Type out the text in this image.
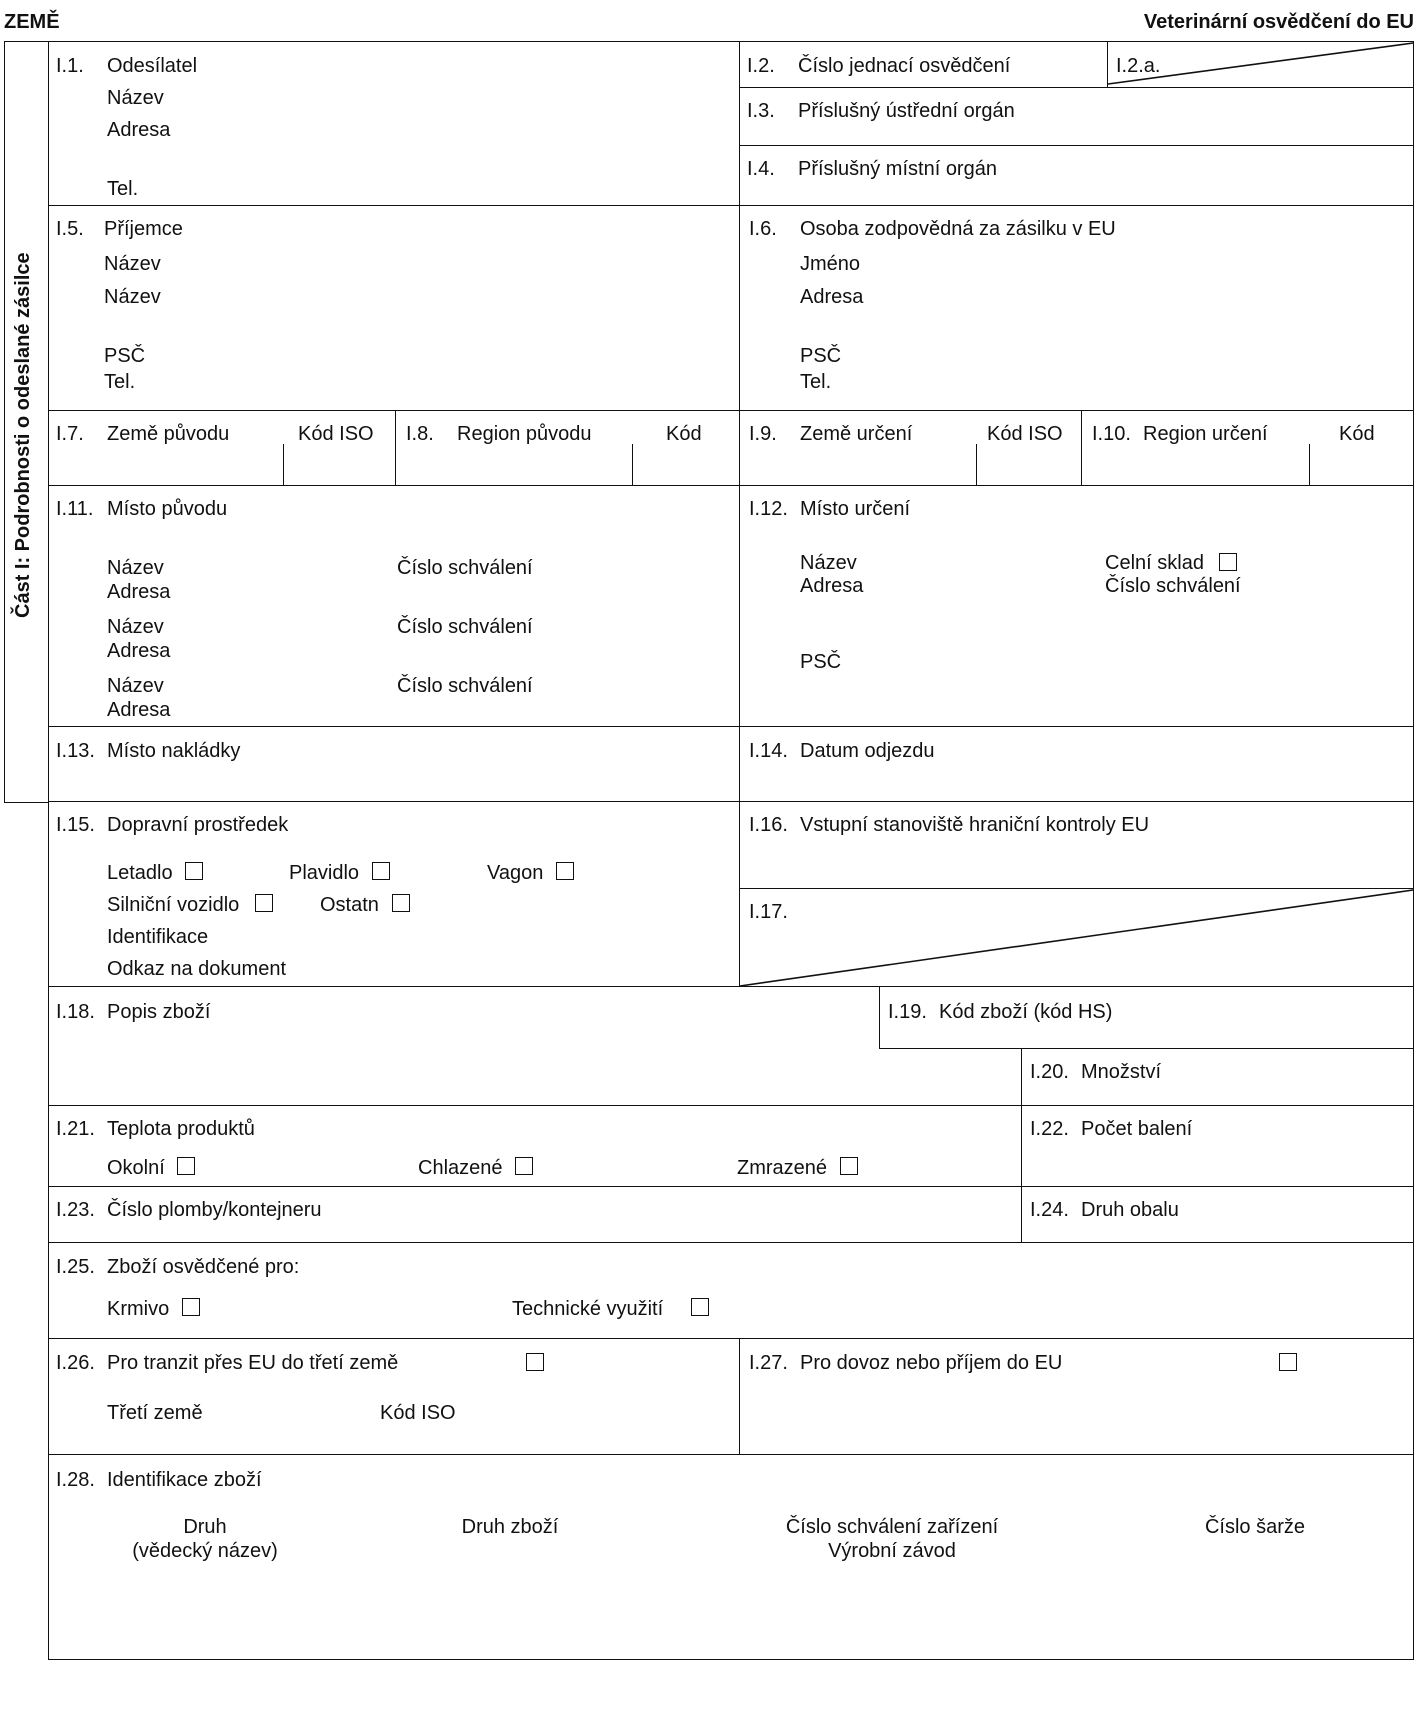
ZEMĚ	Veterinární osvědčení do EU
Část I: Podrobnosti o odeslané zásilce
I.1. Odesílatel
Název
Adresa
Tel.
I.2. Číslo jednací osvědčení	I.2.a.
I.3. Příslušný ústřední orgán
I.4. Příslušný místní orgán
I.5. Příjemce
Název
Název
PSČ
Tel.
I.6. Osoba zodpovědná za zásilku v EU
Jméno
Adresa
PSČ
Tel.
I.7. Země původu	Kód ISO I.8. Region původu	Kód I.9. Země určení	Kód ISO I.10. Region určení	Kód
I.11. Místo původu
Název
Adresa
Číslo schválení
Název
Adresa
Číslo schválení
Název
Adresa
Číslo schválení
I.12. Místo určení
Název
Adresa
Celní sklad
Číslo schválení
PSČ
I.13. Místo nakládky	I.14. Datum odjezdu
I.15. Dopravní prostředek
Letadlo	Plavidlo	Vagon
Silniční vozidlo	Ostatn
Identifikace
Odkaz na dokument
I.16. Vstupní stanoviště hraniční kontroly EU
I.17.
I.18. Popis zboží	I.19. Kód zboží (kód HS)
I.20. Množství
I.21. Teplota produktů
Okolní	Chlazené	Zmrazené
I.22. Počet balení
I.23. Číslo plomby/kontejneru	I.24. Druh obalu
I.25. Zboží osvědčené pro:
Krmivo	Technické využití
I.26. Pro tranzit přes EU do třetí země
Třetí země	Kód ISO
I.27. Pro dovoz nebo příjem do EU
I.28. Identifikace zboží
Druh
(vědecký název)
Druh zboží	Číslo schválení zařízení
Výrobní závod
Číslo šarže
